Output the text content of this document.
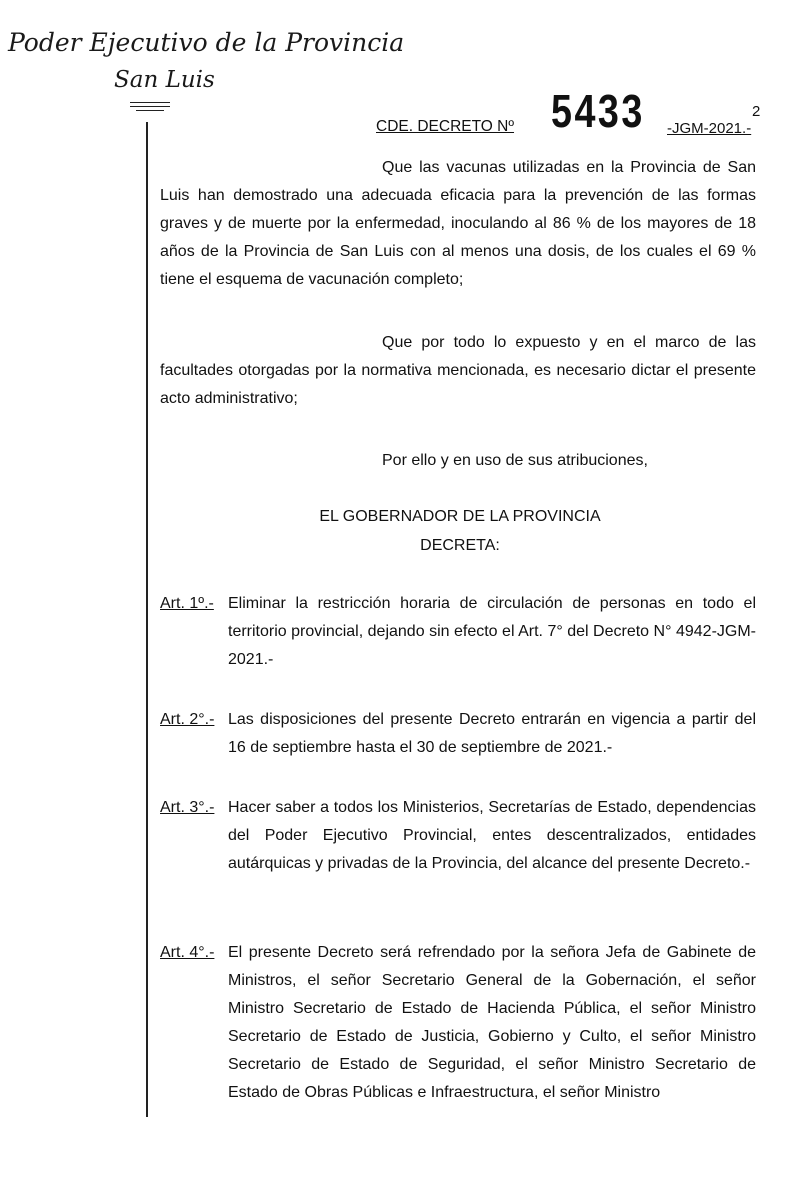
Poder Ejecutivo de la Provincia

San Luis

CDE. DECRETO Nº 5433 -JGM-2021.-
2

Que las vacunas utilizadas en la Provincia de San Luis han demostrado una adecuada eficacia para la prevención de las formas graves y de muerte por la enfermedad, inoculando al 86 % de los mayores de 18 años de la Provincia de San Luis con al menos una dosis, de los cuales el 69 % tiene el esquema de vacunación completo;

Que por todo lo expuesto y en el marco de las facultades otorgadas por la normativa mencionada, es necesario dictar el presente acto administrativo;

Por ello y en uso de sus atribuciones,

EL GOBERNADOR DE LA PROVINCIA
DECRETA:
Art. 1º.- Eliminar la restricción horaria de circulación de personas en todo el territorio provincial, dejando sin efecto el Art. 7° del Decreto N° 4942-JGM-2021.-

Art. 2°.- Las disposiciones del presente Decreto entrarán en vigencia a partir del 16 de septiembre hasta el 30 de septiembre de 2021.-

Art. 3°.- Hacer saber a todos los Ministerios, Secretarías de Estado, dependencias del Poder Ejecutivo Provincial, entes descentralizados, entidades autárquicas y privadas de la Provincia, del alcance del presente Decreto.-

Art. 4°.- El presente Decreto será refrendado por la señora Jefa de Gabinete de Ministros, el señor Secretario General de la Gobernación, el señor Ministro Secretario de Estado de Hacienda Pública, el señor Ministro Secretario de Estado de Justicia, Gobierno y Culto, el señor Ministro Secretario de Estado de Seguridad, el señor Ministro Secretario de Estado de Obras Públicas e Infraestructura, el señor Ministro
